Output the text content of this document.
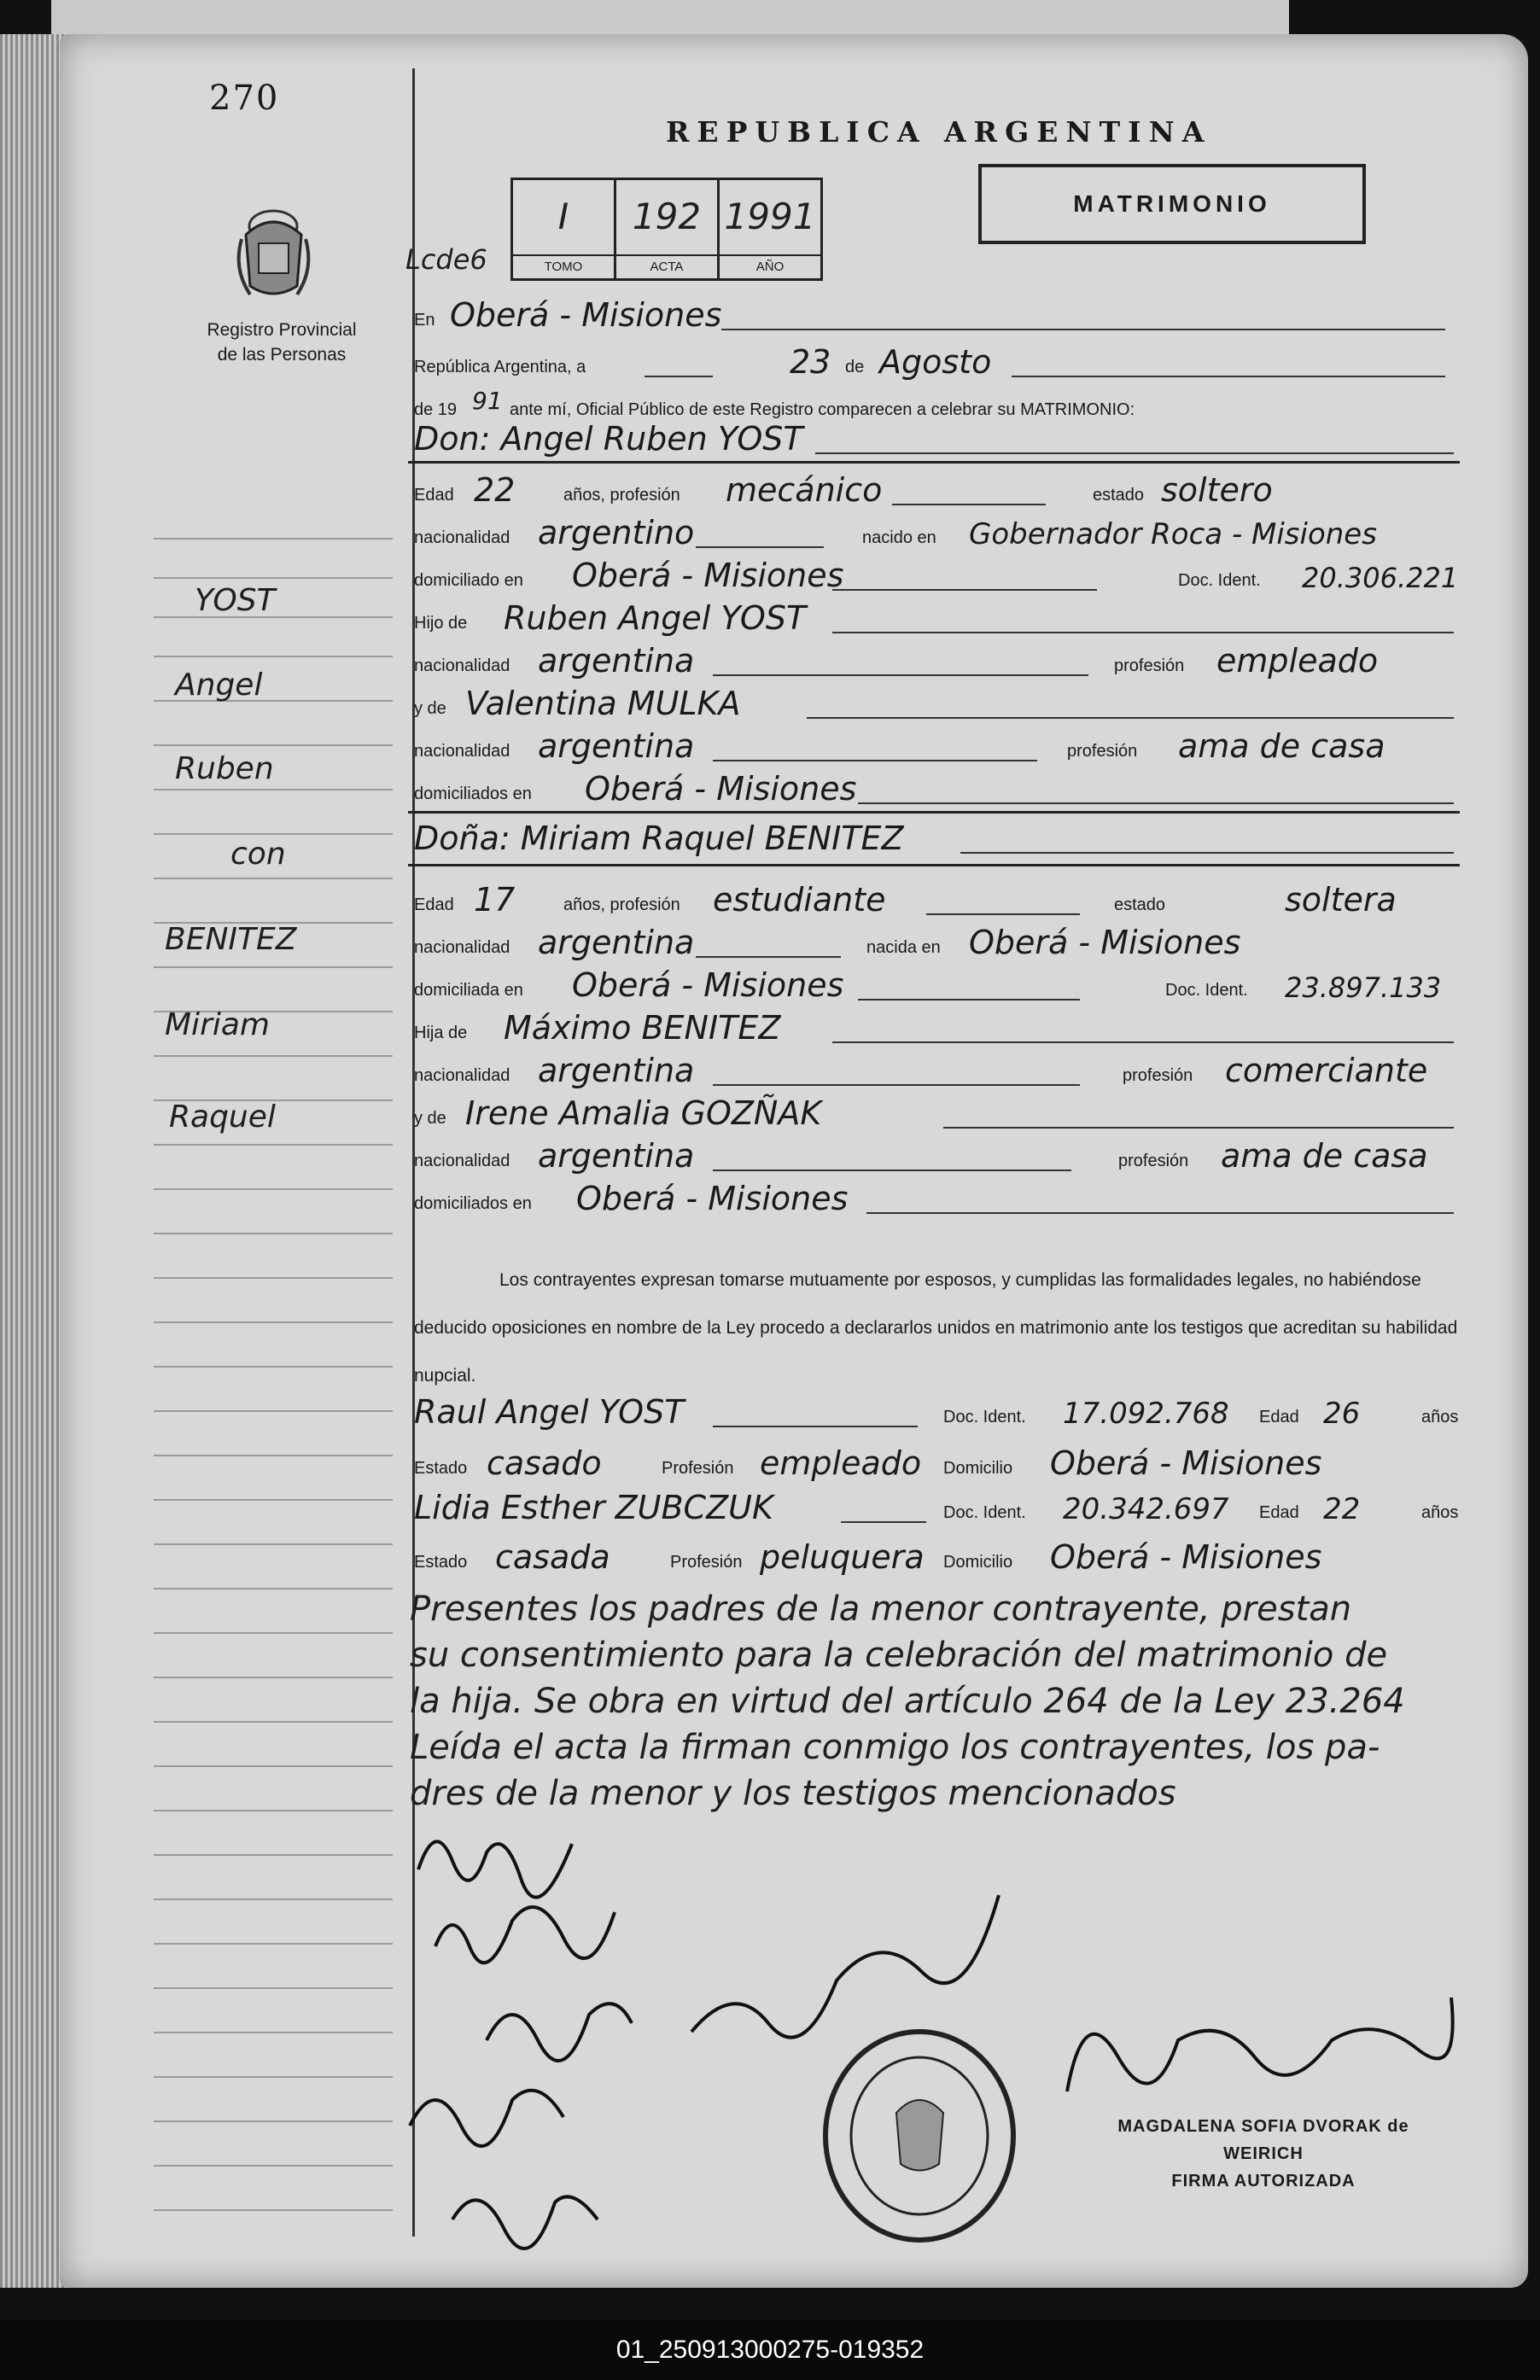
270
Registro Provincial
de las Personas
YOST
Angel
Ruben
con
BENITEZ
Miriam
Raquel
REPUBLICA ARGENTINA
MATRIMONIO
I
TOMO
192
ACTA
1991
AÑO
Lcde6
En Oberá - Misiones
República Argentina, a	23 de Agosto
de 19 91 ante mí, Oficial Público de este Registro comparecen a celebrar su MATRIMONIO:
Don: Angel Ruben YOST
Edad 22	años, profesión mecánico	estado soltero
nacionalidad argentino	nacido en Gobernador Roca - Misiones
domiciliado en Oberá - Misiones	Doc. Ident. 20.306.221
Hijo de Ruben Angel YOST
nacionalidad argentina	profesión empleado
y de Valentina MULKA
nacionalidad argentina	profesión ama de casa
domiciliados en Oberá - Misiones
Doña: Miriam Raquel BENITEZ
Edad 17	años, profesión estudiante	estado	soltera
nacionalidad argentina	nacida en Oberá - Misiones
domiciliada en Oberá - Misiones	Doc. Ident. 23.897.133
Hija de Máximo BENITEZ
nacionalidad argentina	profesión comerciante
y de Irene Amalia GOZÑAK
nacionalidad argentina	profesión ama de casa
domiciliados en Oberá - Misiones
Los contrayentes expresan tomarse mutuamente por esposos, y cumplidas las formalidades legales, no habiéndose deducido oposiciones en nombre de la Ley procedo a declararlos unidos en matrimonio ante los testigos que acreditan su habilidad nupcial.
Raul Angel YOST	Doc. Ident. 17.092.768 Edad 26	años
Estado casado	Profesión empleado Domicilio Oberá - Misiones
Lidia Esther ZUBCZUK	Doc. Ident. 20.342.697 Edad 22	años
Estado casada	Profesión peluquera Domicilio Oberá - Misiones
Presentes los padres de la menor contrayente, prestan
su consentimiento para la celebración del matrimonio de
la hija. Se obra en virtud del artículo 264 de la Ley 23.264
Leída el acta la firman conmigo los contrayentes, los pa-
dres de la menor y los testigos mencionados
MAGDALENA SOFIA DVORAK de WEIRICH
FIRMA AUTORIZADA
01_250913000275-019352
